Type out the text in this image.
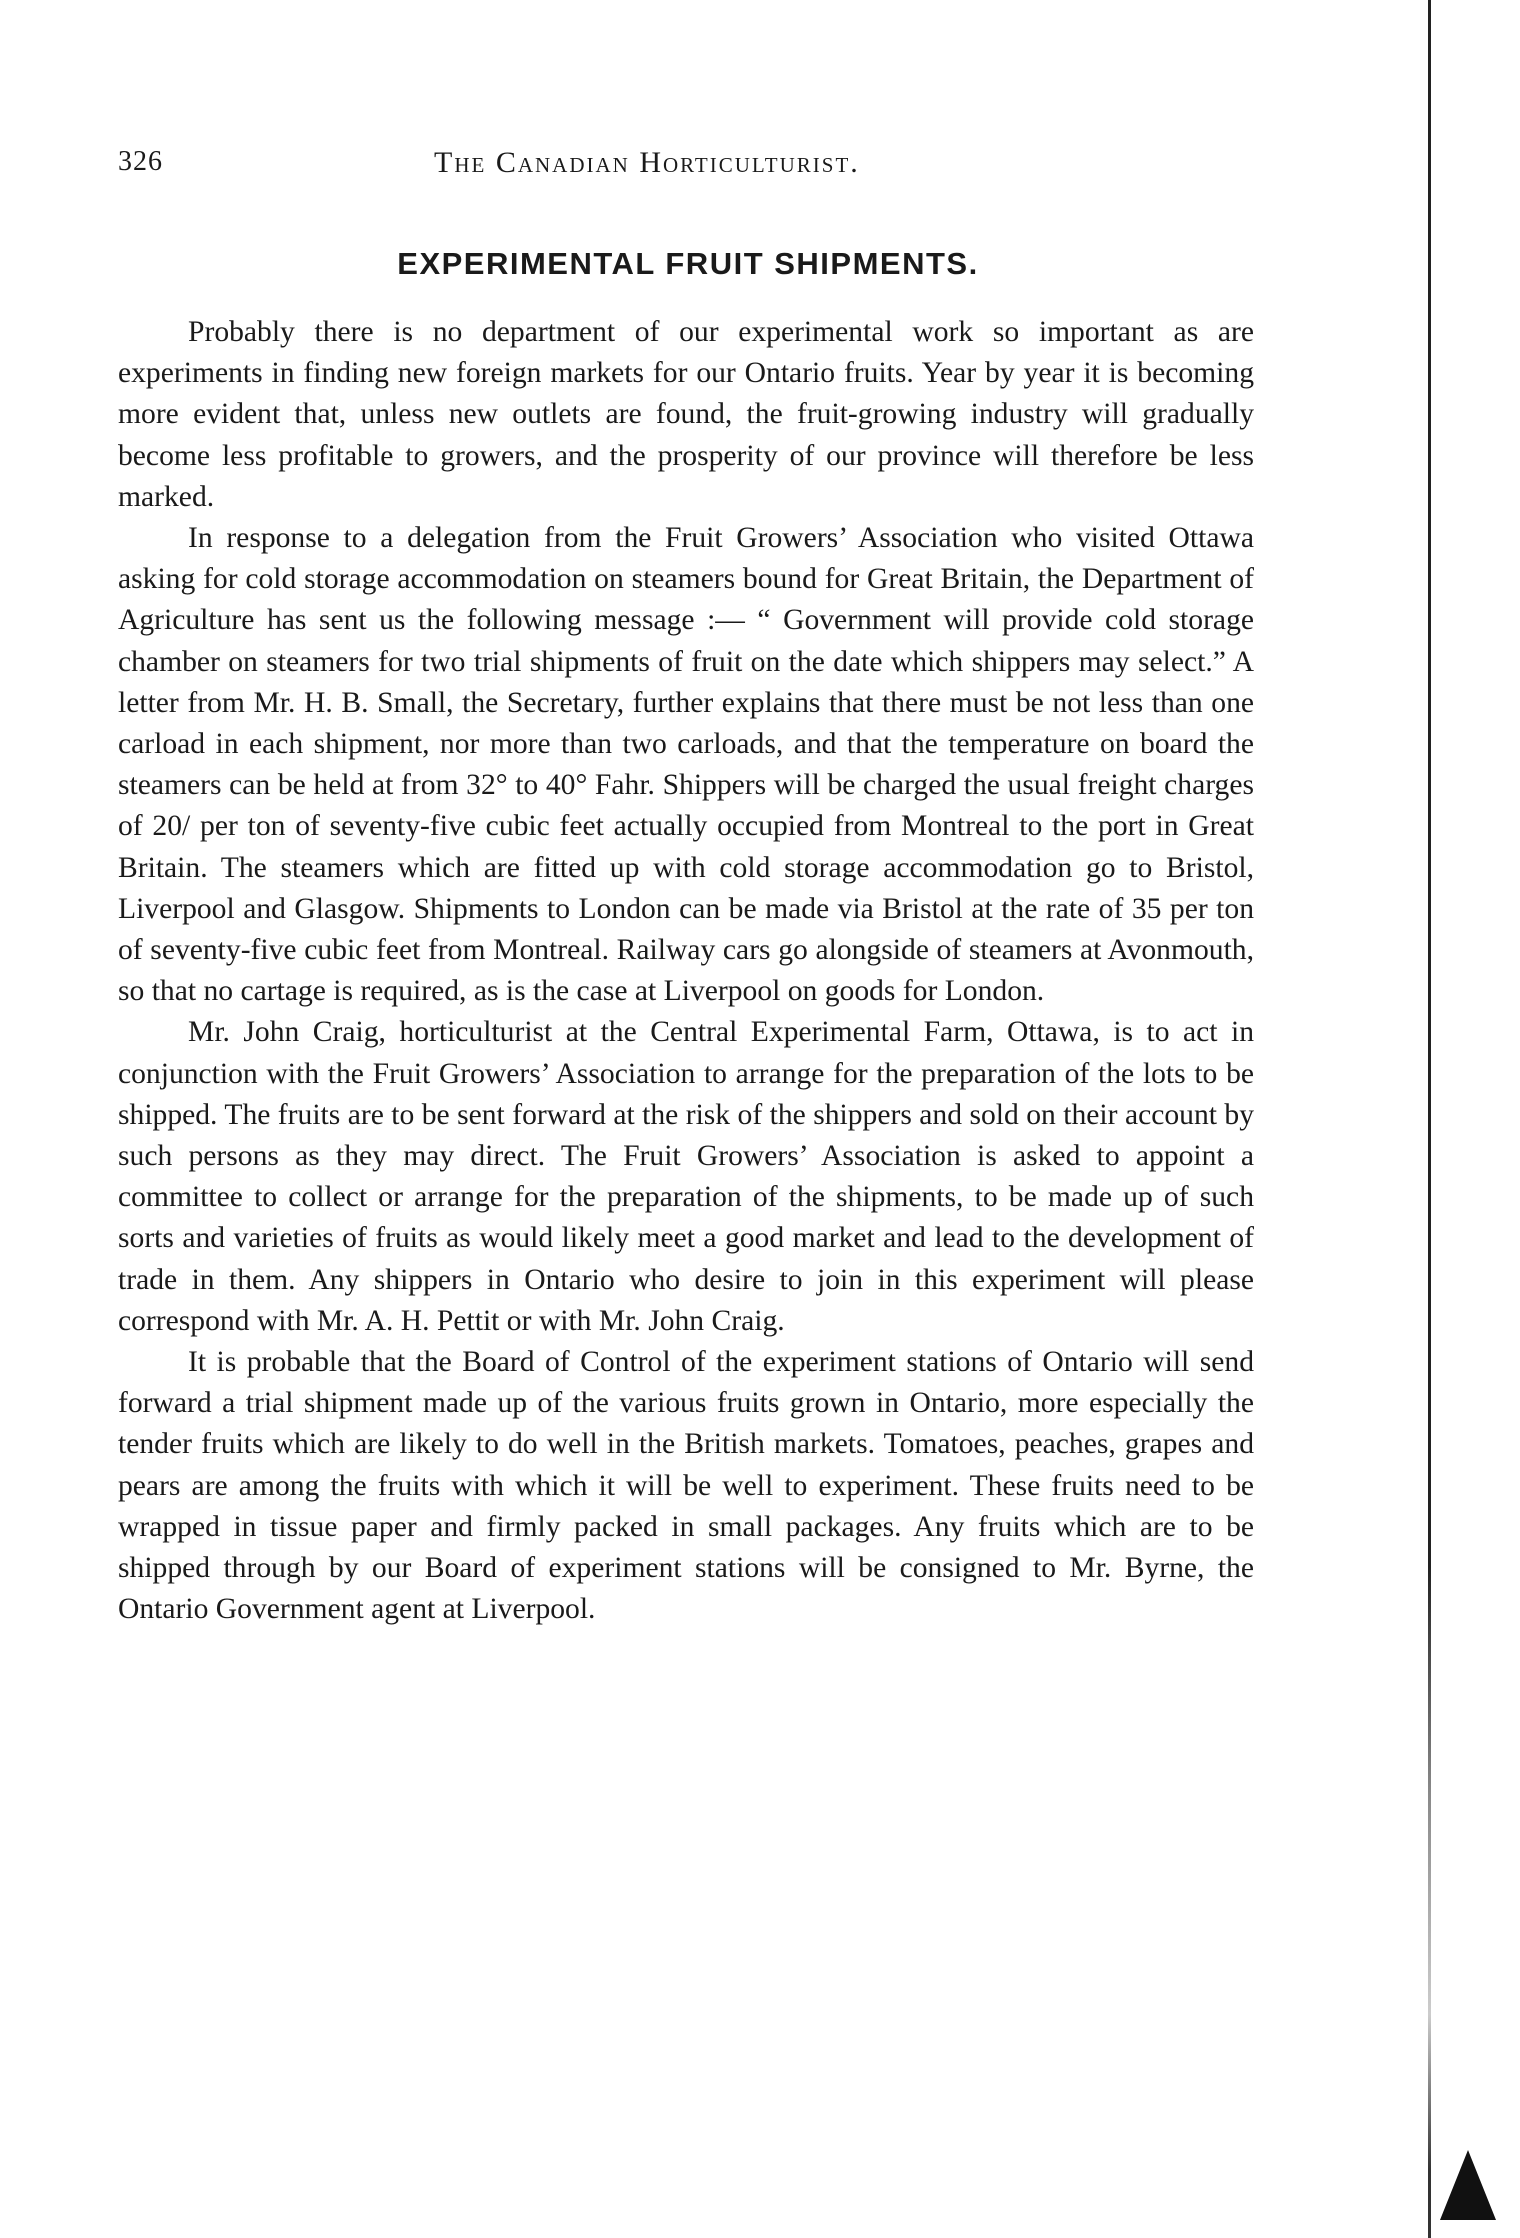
326	The Canadian Horticulturist.
EXPERIMENTAL FRUIT SHIPMENTS.

Probably there is no department of our experimental work so important as are experiments in finding new foreign markets for our Ontario fruits. Year by year it is becoming more evident that, unless new outlets are found, the fruit-growing industry will gradually become less profitable to growers, and the prosperity of our province will therefore be less marked.

In response to a delegation from the Fruit Growers’ Association who visited Ottawa asking for cold storage accommodation on steamers bound for Great Britain, the Department of Agriculture has sent us the following message :— “ Government will provide cold storage chamber on steamers for two trial shipments of fruit on the date which shippers may select.” A letter from Mr. H. B. Small, the Secretary, further explains that there must be not less than one carload in each shipment, nor more than two carloads, and that the temperature on board the steamers can be held at from 32° to 40° Fahr. Shippers will be charged the usual freight charges of 20/ per ton of seventy-five cubic feet actually occupied from Montreal to the port in Great Britain. The steamers which are fitted up with cold storage accommodation go to Bristol, Liverpool and Glasgow. Shipments to London can be made via Bristol at the rate of 35 per ton of seventy-five cubic feet from Montreal. Railway cars go alongside of steamers at Avonmouth, so that no cartage is required, as is the case at Liverpool on goods for London.

Mr. John Craig, horticulturist at the Central Experimental Farm, Ottawa, is to act in conjunction with the Fruit Growers’ Association to arrange for the preparation of the lots to be shipped. The fruits are to be sent forward at the risk of the shippers and sold on their account by such persons as they may direct. The Fruit Growers’ Association is asked to appoint a committee to collect or arrange for the preparation of the shipments, to be made up of such sorts and varieties of fruits as would likely meet a good market and lead to the development of trade in them. Any shippers in Ontario who desire to join in this experiment will please correspond with Mr. A. H. Pettit or with Mr. John Craig.

It is probable that the Board of Control of the experiment stations of Ontario will send forward a trial shipment made up of the various fruits grown in Ontario, more especially the tender fruits which are likely to do well in the British markets. Tomatoes, peaches, grapes and pears are among the fruits with which it will be well to experiment. These fruits need to be wrapped in tissue paper and firmly packed in small packages. Any fruits which are to be shipped through by our Board of experiment stations will be consigned to Mr. Byrne, the Ontario Government agent at Liverpool.
